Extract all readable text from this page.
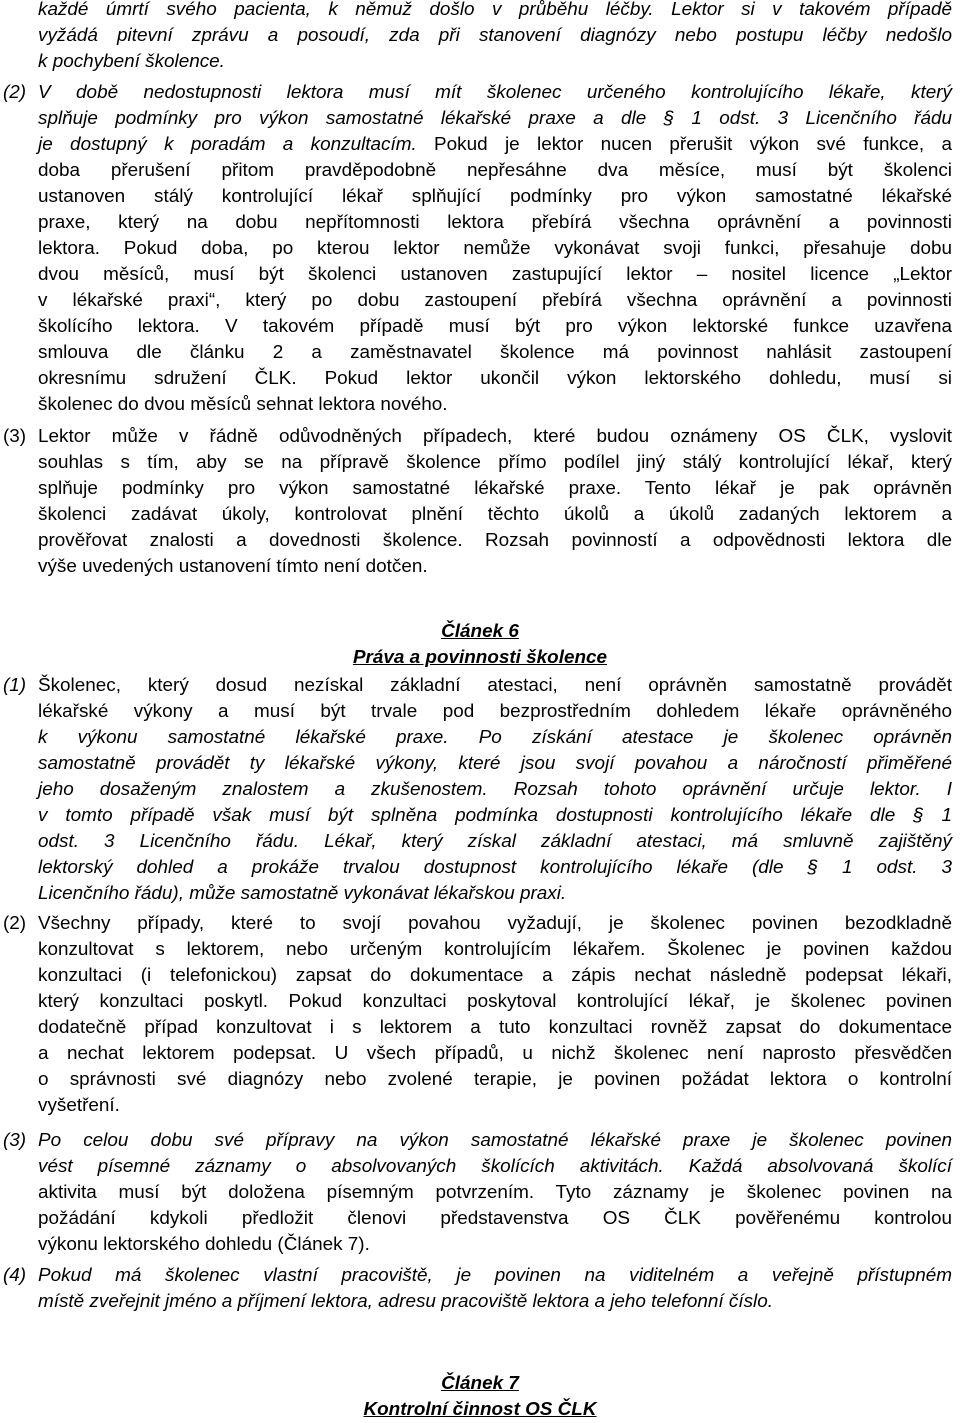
každé úmrtí svého pacienta, k němuž došlo v průběhu léčby. Lektor si v takovém případě
vyžádá pitevní zprávu a posoudí, zda při stanovení diagnózy nebo postupu léčby nedošlo
k pochybení školence.
(2) V době nedostupnosti lektora musí mít školenec určeného kontrolujícího lékaře, který
splňuje podmínky pro výkon samostatné lékařské praxe a dle § 1 odst. 3 Licenčního řádu
je dostupný k poradám a konzultacím. Pokud je lektor nucen přerušit výkon své funkce, a
doba přerušení přitom pravděpodobně nepřesáhne dva měsíce, musí být školenci
ustanoven stálý kontrolující lékař splňující podmínky pro výkon samostatné lékařské
praxe, který na dobu nepřítomnosti lektora přebírá všechna oprávnění a povinnosti
lektora. Pokud doba, po kterou lektor nemůže vykonávat svoji funkci, přesahuje dobu
dvou měsíců, musí být školenci ustanoven zastupující lektor – nositel licence „Lektor
v lékařské praxi“, který po dobu zastoupení přebírá všechna oprávnění a povinnosti
školícího lektora. V takovém případě musí být pro výkon lektorské funkce uzavřena
smlouva dle článku 2 a zaměstnavatel školence má povinnost nahlásit zastoupení
okresnímu sdružení ČLK. Pokud lektor ukončil výkon lektorského dohledu, musí si
školenec do dvou měsíců sehnat lektora nového.
(3) Lektor může v řádně odůvodněných případech, které budou oznámeny OS ČLK, vyslovit
souhlas s tím, aby se na přípravě školence přímo podílel jiný stálý kontrolující lékař, který
splňuje podmínky pro výkon samostatné lékařské praxe. Tento lékař je pak oprávněn
školenci zadávat úkoly, kontrolovat plnění těchto úkolů a úkolů zadaných lektorem a
prověřovat znalosti a dovednosti školence. Rozsah povinností a odpovědnosti lektora dle
výše uvedených ustanovení tímto není dotčen.
Článek 6
Práva a povinnosti školence
(1) Školenec, který dosud nezískal základní atestaci, není oprávněn samostatně provádět
lékařské výkony a musí být trvale pod bezprostředním dohledem lékaře oprávněného
k výkonu samostatné lékařské praxe. Po získání atestace je školenec oprávněn
samostatně provádět ty lékařské výkony, které jsou svojí povahou a náročností přiměřené
jeho dosaženým znalostem a zkušenostem. Rozsah tohoto oprávnění určuje lektor. I
v tomto případě však musí být splněna podmínka dostupnosti kontrolujícího lékaře dle § 1
odst. 3 Licenčního řádu. Lékař, který získal základní atestaci, má smluvně zajištěný
lektorský dohled a prokáže trvalou dostupnost kontrolujícího lékaře (dle § 1 odst. 3
Licenčního řádu), může samostatně vykonávat lékařskou praxi.
(2) Všechny případy, které to svojí povahou vyžadují, je školenec povinen bezodkladně
konzultovat s lektorem, nebo určeným kontrolujícím lékařem. Školenec je povinen každou
konzultaci (i telefonickou) zapsat do dokumentace a zápis nechat následně podepsat lékaři,
který konzultaci poskytl. Pokud konzultaci poskytoval kontrolující lékař, je školenec povinen
dodatečně případ konzultovat i s lektorem a tuto konzultaci rovněž zapsat do dokumentace
a nechat lektorem podepsat. U všech případů, u nichž školenec není naprosto přesvědčen
o správnosti své diagnózy nebo zvolené terapie, je povinen požádat lektora o kontrolní
vyšetření.
(3) Po celou dobu své přípravy na výkon samostatné lékařské praxe je školenec povinen
vést písemné záznamy o absolvovaných školících aktivitách. Každá absolvovaná školící
aktivita musí být doložena písemným potvrzením. Tyto záznamy je školenec povinen na
požádání kdykoli předložit členovi představenstva OS ČLK pověřenému kontrolou
výkonu lektorského dohledu (Článek 7).
(4) Pokud má školenec vlastní pracoviště, je povinen na viditelném a veřejně přístupném
místě zveřejnit jméno a příjmení lektora, adresu pracoviště lektora a jeho telefonní číslo.
Článek 7
Kontrolní činnost OS ČLK
